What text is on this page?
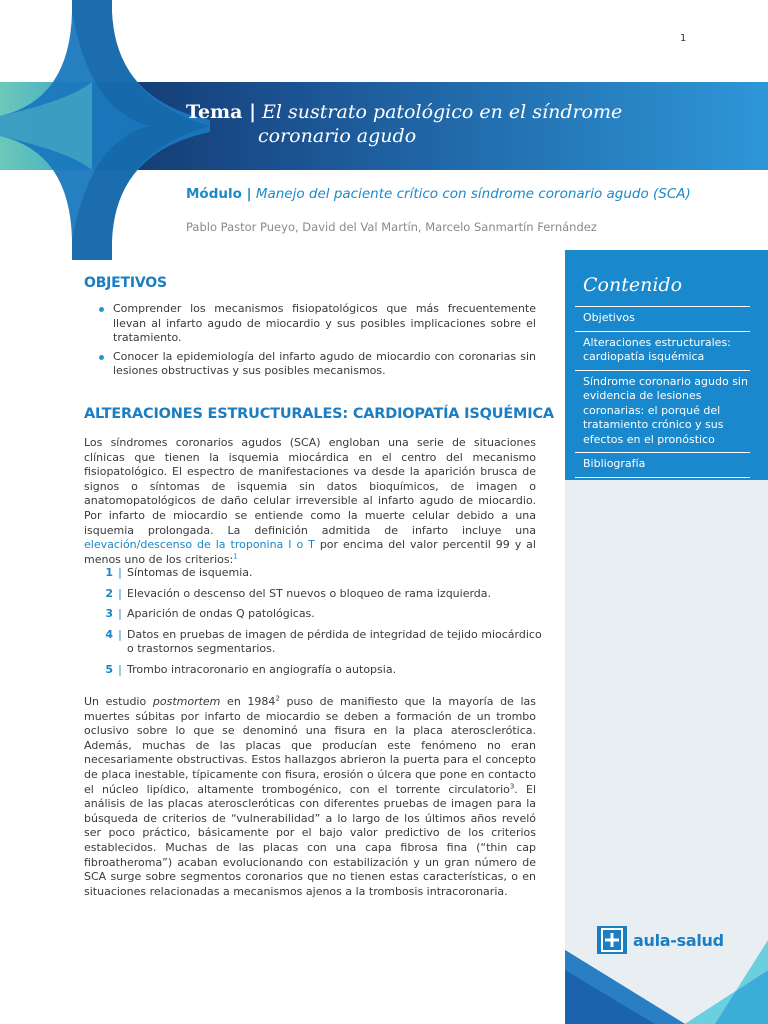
1
Tema | El sustrato patológico en el síndrome
coronario agudo
Módulo | Manejo del paciente crítico con síndrome coronario agudo (SCA)
Pablo Pastor Pueyo, David del Val Martín, Marcelo Sanmartín Fernández
OBJETIVOS
Comprender los mecanismos fisiopatológicos que más frecuentemente llevan al infarto agudo de miocardio y sus posibles implicaciones sobre el tratamiento.
Conocer la epidemiología del infarto agudo de miocardio con coronarias sin lesiones obstructivas y sus posibles mecanismos.
ALTERACIONES ESTRUCTURALES: CARDIOPATÍA ISQUÉMICA

Los síndromes coronarios agudos (SCA) engloban una serie de situaciones clínicas que tienen la isquemia miocárdica en el centro del mecanismo fisiopatológico. El espectro de manifestaciones va desde la aparición brusca de signos o síntomas de isquemia sin datos bioquímicos, de imagen o anatomopatológicos de daño celular irreversible al infarto agudo de miocardio. Por infarto de miocardio se entiende como la muerte celular debido a una isquemia prolongada. La definición admitida de infarto incluye una elevación/descenso de la troponina I o T por encima del valor percentil 99 y al menos uno de los criterios:$^1$

1 | Síntomas de isquemia.
2 | Elevación o descenso del ST nuevos o bloqueo de rama izquierda.
3 | Aparición de ondas Q patológicas.
4 | Datos en pruebas de imagen de pérdida de integridad de tejido miocárdico o trastornos segmentarios.
5 | Trombo intracoronario en angiografía o autopsia.

Un estudio postmortem en 1984$^2$ puso de manifiesto que la mayoría de las muertes súbitas por infarto de miocardio se deben a formación de un trombo oclusivo sobre lo que se denominó una fisura en la placa aterosclerótica. Además, muchas de las placas que producían este fenómeno no eran necesariamente obstructivas. Estos hallazgos abrieron la puerta para el concepto de placa inestable, típicamente con fisura, erosión o úlcera que pone en contacto el núcleo lipídico, altamente trombogénico, con el torrente circulatorio$^3$. El análisis de las placas ateroscleróticas con diferentes pruebas de imagen para la búsqueda de criterios de “vulnerabilidad” a lo largo de los últimos años reveló ser poco práctico, básicamente por el bajo valor predictivo de los criterios establecidos. Muchas de las placas con una capa fibrosa fina (“thin cap fibroatheroma”) acaban evolucionando con estabilización y un gran número de SCA surge sobre segmentos coronarios que no tienen estas características, o en situaciones relacionadas a mecanismos ajenos a la trombosis intracoronaria.

Contenido
Objetivos
Alteraciones estructurales: cardiopatía isquémica
Síndrome coronario agudo sin evidencia de lesiones coronarias: el porqué del tratamiento crónico y sus efectos en el pronóstico
Bibliografía
aula-salud
